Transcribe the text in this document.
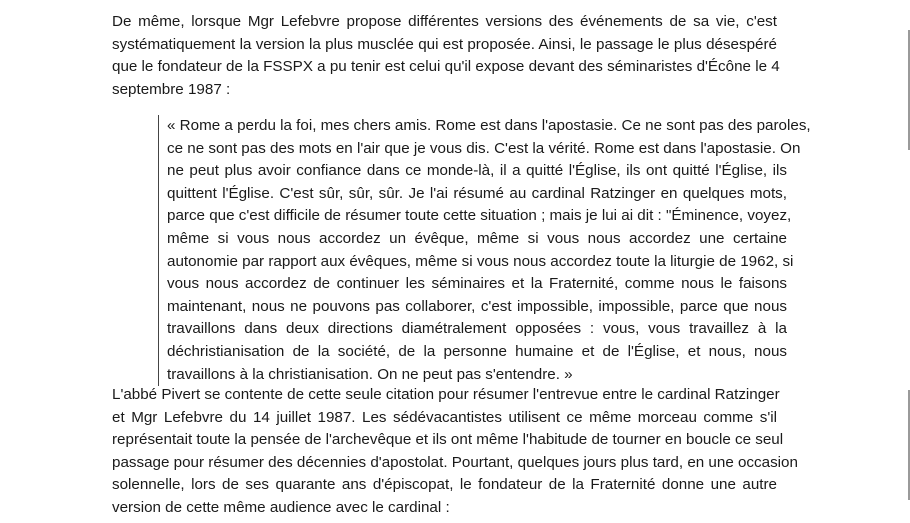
De même, lorsque Mgr Lefebvre propose différentes versions des événements de sa vie, c'est
systématiquement la version la plus musclée qui est proposée. Ainsi, le passage le plus désespéré
que le fondateur de la FSSPX a pu tenir est celui qu'il expose devant des séminaristes d'Écône le 4
septembre 1987 :
« Rome a perdu la foi, mes chers amis. Rome est dans l'apostasie. Ce ne sont pas des paroles,
ce ne sont pas des mots en l'air que je vous dis. C'est la vérité. Rome est dans l'apostasie. On
ne peut plus avoir confiance dans ce monde-là, il a quitté l'Église, ils ont quitté l'Église, ils
quittent l'Église. C'est sûr, sûr, sûr. Je l'ai résumé au cardinal Ratzinger en quelques mots,
parce que c'est difficile de résumer toute cette situation ; mais je lui ai dit : "Éminence, voyez,
même si vous nous accordez un évêque, même si vous nous accordez une certaine
autonomie par rapport aux évêques, même si vous nous accordez toute la liturgie de 1962, si
vous nous accordez de continuer les séminaires et la Fraternité, comme nous le faisons
maintenant, nous ne pouvons pas collaborer, c'est impossible, impossible, parce que nous
travaillons dans deux directions diamétralement opposées : vous, vous travaillez à la
déchristianisation de la société, de la personne humaine et de l'Église, et nous, nous
travaillons à la christianisation. On ne peut pas s'entendre. »
L'abbé Pivert se contente de cette seule citation pour résumer l'entrevue entre le cardinal Ratzinger
et Mgr Lefebvre du 14 juillet 1987. Les sédévacantistes utilisent ce même morceau comme s'il
représentait toute la pensée de l'archevêque et ils ont même l'habitude de tourner en boucle ce seul
passage pour résumer des décennies d'apostolat. Pourtant, quelques jours plus tard, en une occasion
solennelle, lors de ses quarante ans d'épiscopat, le fondateur de la Fraternité donne une autre
version de cette même audience avec le cardinal :
